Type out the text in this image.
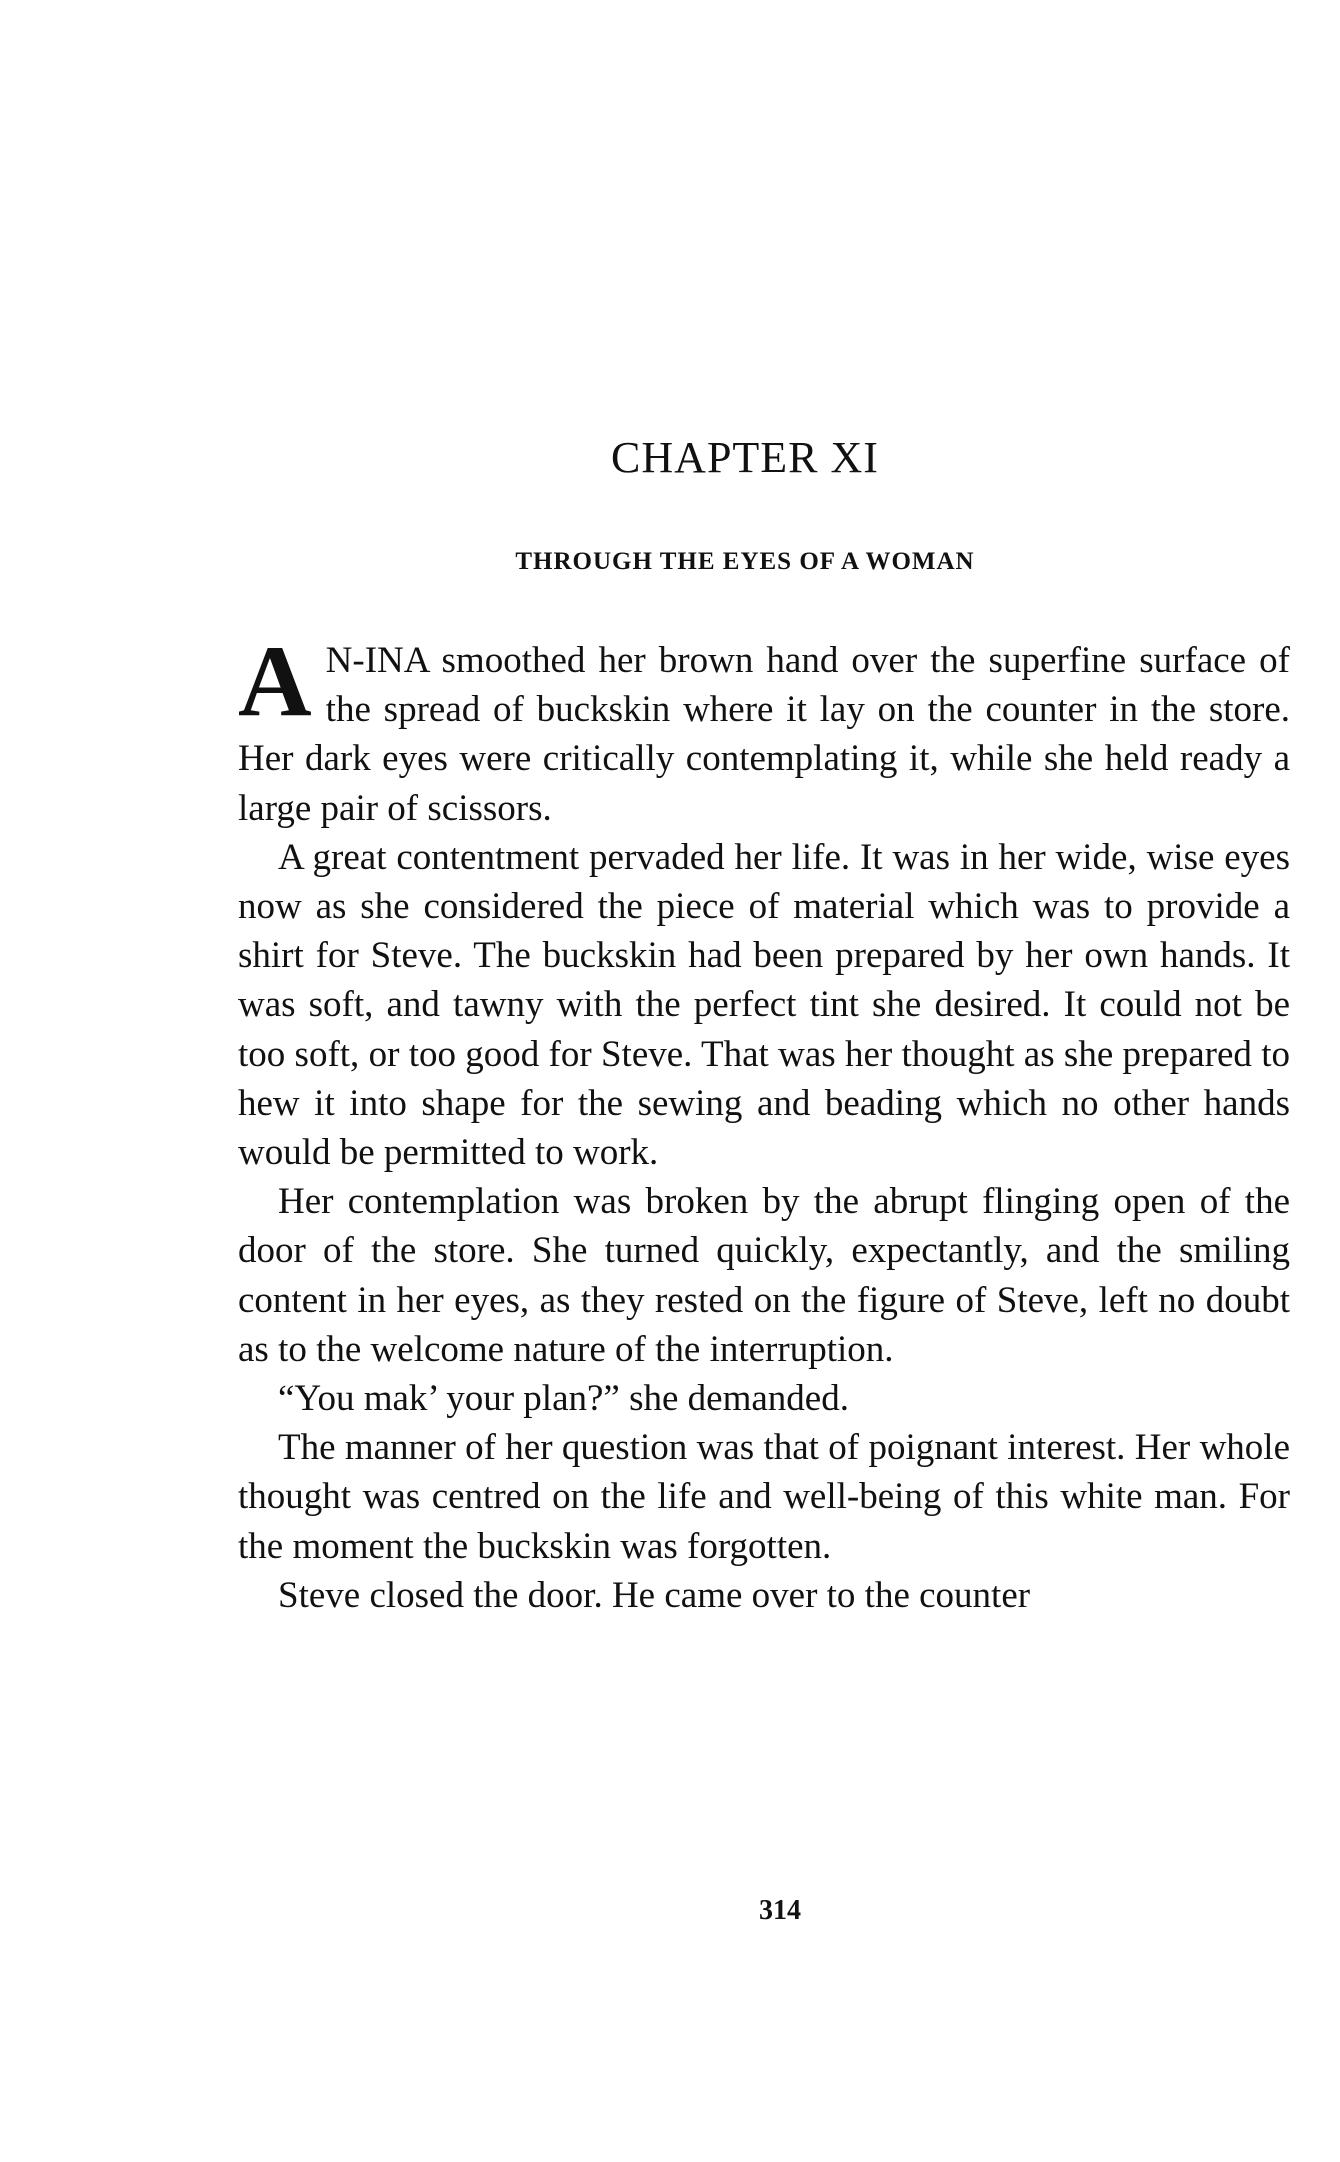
CHAPTER XI
THROUGH THE EYES OF A WOMAN

A N-INA smoothed her brown hand over the superfine surface of the spread of buckskin where it lay on the counter in the store. Her dark eyes were critically contemplating it, while she held ready a large pair of scissors.

A great contentment pervaded her life. It was in her wide, wise eyes now as she considered the piece of material which was to provide a shirt for Steve. The buckskin had been prepared by her own hands. It was soft, and tawny with the perfect tint she desired. It could not be too soft, or too good for Steve. That was her thought as she prepared to hew it into shape for the sewing and beading which no other hands would be permitted to work.

Her contemplation was broken by the abrupt flinging open of the door of the store. She turned quickly, expectantly, and the smiling content in her eyes, as they rested on the figure of Steve, left no doubt as to the welcome nature of the interruption.

“You mak’ your plan?” she demanded.

The manner of her question was that of poignant interest. Her whole thought was centred on the life and well-being of this white man. For the moment the buckskin was forgotten.

Steve closed the door. He came over to the counter

314
